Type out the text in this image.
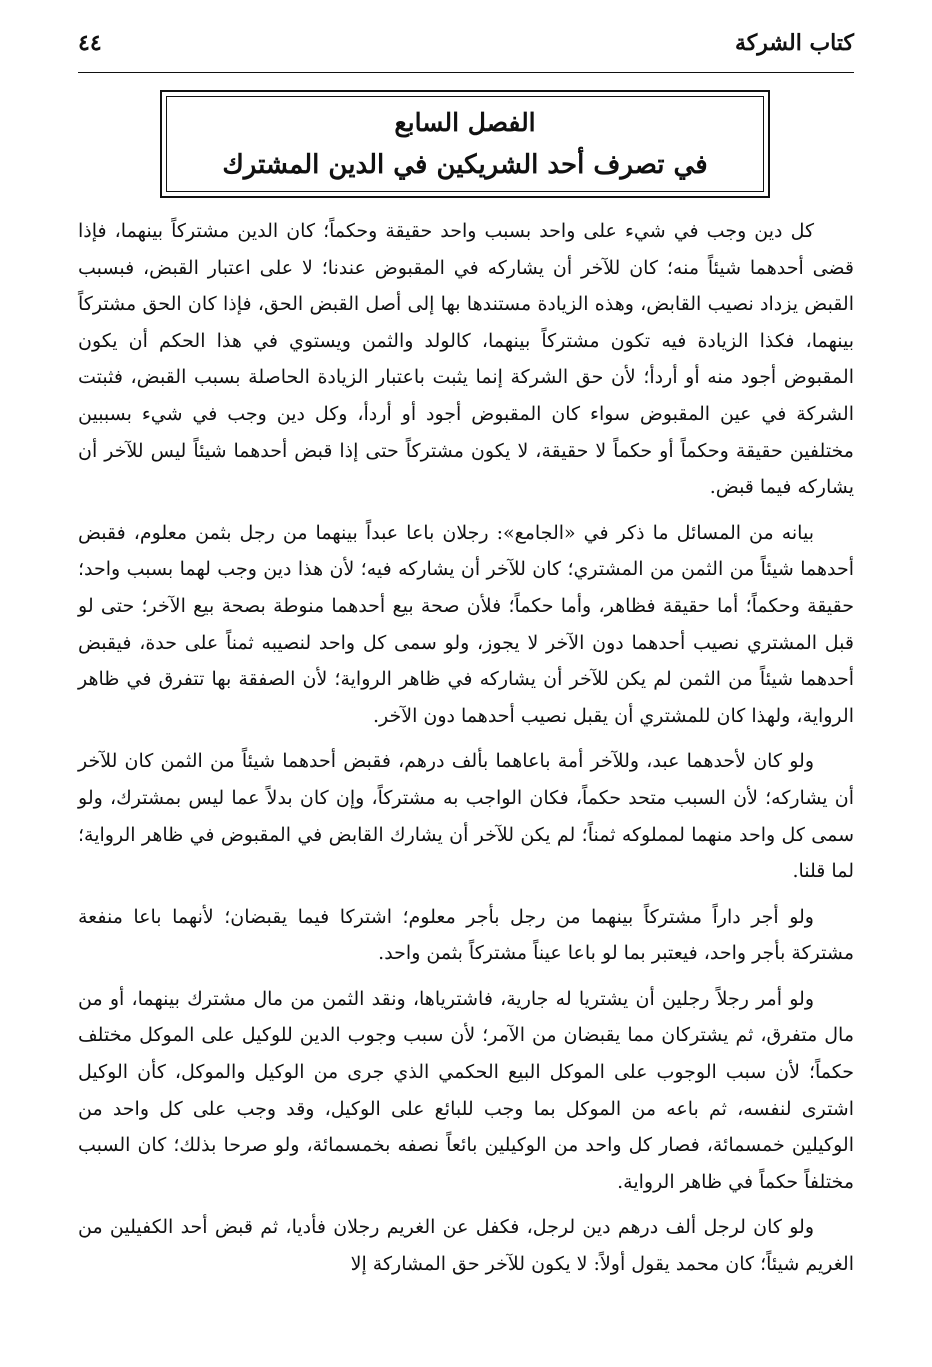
كتاب الشركة
٤٤
الفصل السابع
في تصرف أحد الشريكين في الدين المشترك

كل دين وجب في شيء على واحد بسبب واحد حقيقة وحكماً؛ كان الدين مشتركاً بينهما، فإذا قضى أحدهما شيئاً منه؛ كان للآخر أن يشاركه في المقبوض عندنا؛ لا على اعتبار القبض، فبسبب القبض يزداد نصيب القابض، وهذه الزيادة مستندها بها إلى أصل القبض الحق، فإذا كان الحق مشتركاً بينهما، فكذا الزيادة فيه تكون مشتركاً بينهما، كالولد والثمن ويستوي في هذا الحكم أن يكون المقبوض أجود منه أو أردأ؛ لأن حق الشركة إنما يثبت باعتبار الزيادة الحاصلة بسبب القبض، فثبتت الشركة في عين المقبوض سواء كان المقبوض أجود أو أردأ، وكل دين وجب في شيء بسببين مختلفين حقيقة وحكماً أو حكماً لا حقيقة، لا يكون مشتركاً حتى إذا قبض أحدهما شيئاً ليس للآخر أن يشاركه فيما قبض.

بيانه من المسائل ما ذكر في «الجامع»: رجلان باعا عبداً بينهما من رجل بثمن معلوم، فقبض أحدهما شيئاً من الثمن من المشتري؛ كان للآخر أن يشاركه فيه؛ لأن هذا دين وجب لهما بسبب واحد؛ حقيقة وحكماً؛ أما حقيقة فظاهر، وأما حكماً؛ فلأن صحة بيع أحدهما منوطة بصحة بيع الآخر؛ حتى لو قبل المشتري نصيب أحدهما دون الآخر لا يجوز، ولو سمى كل واحد لنصيبه ثمناً على حدة، فيقبض أحدهما شيئاً من الثمن لم يكن للآخر أن يشاركه في ظاهر الرواية؛ لأن الصفقة بها تتفرق في ظاهر الرواية، ولهذا كان للمشتري أن يقبل نصيب أحدهما دون الآخر.

ولو كان لأحدهما عبد، وللآخر أمة باعاهما بألف درهم، فقبض أحدهما شيئاً من الثمن كان للآخر أن يشاركه؛ لأن السبب متحد حكماً، فكان الواجب به مشتركاً، وإن كان بدلاً عما ليس بمشترك، ولو سمى كل واحد منهما لمملوكه ثمناً؛ لم يكن للآخر أن يشارك القابض في المقبوض في ظاهر الرواية؛ لما قلنا.

ولو أجر داراً مشتركاً بينهما من رجل بأجر معلوم؛ اشتركا فيما يقبضان؛ لأنهما باعا منفعة مشتركة بأجر واحد، فيعتبر بما لو باعا عيناً مشتركاً بثمن واحد.

ولو أمر رجلاً رجلين أن يشتريا له جارية، فاشترياها، ونقد الثمن من مال مشترك بينهما، أو من مال متفرق، ثم يشتركان مما يقبضان من الآمر؛ لأن سبب وجوب الدين للوكيل على الموكل مختلف حكماً؛ لأن سبب الوجوب على الموكل البيع الحكمي الذي جرى من الوكيل والموكل، كأن الوكيل اشترى لنفسه، ثم باعه من الموكل بما وجب للبائع على الوكيل، وقد وجب على كل واحد من الوكيلين خمسمائة، فصار كل واحد من الوكيلين بائعاً نصفه بخمسمائة، ولو صرحا بذلك؛ كان السبب مختلفاً حكماً في ظاهر الرواية.

ولو كان لرجل ألف درهم دين لرجل، فكفل عن الغريم رجلان فأديا، ثم قبض أحد الكفيلين من الغريم شيئاً؛ كان محمد يقول أولاً: لا يكون للآخر حق المشاركة إلا
